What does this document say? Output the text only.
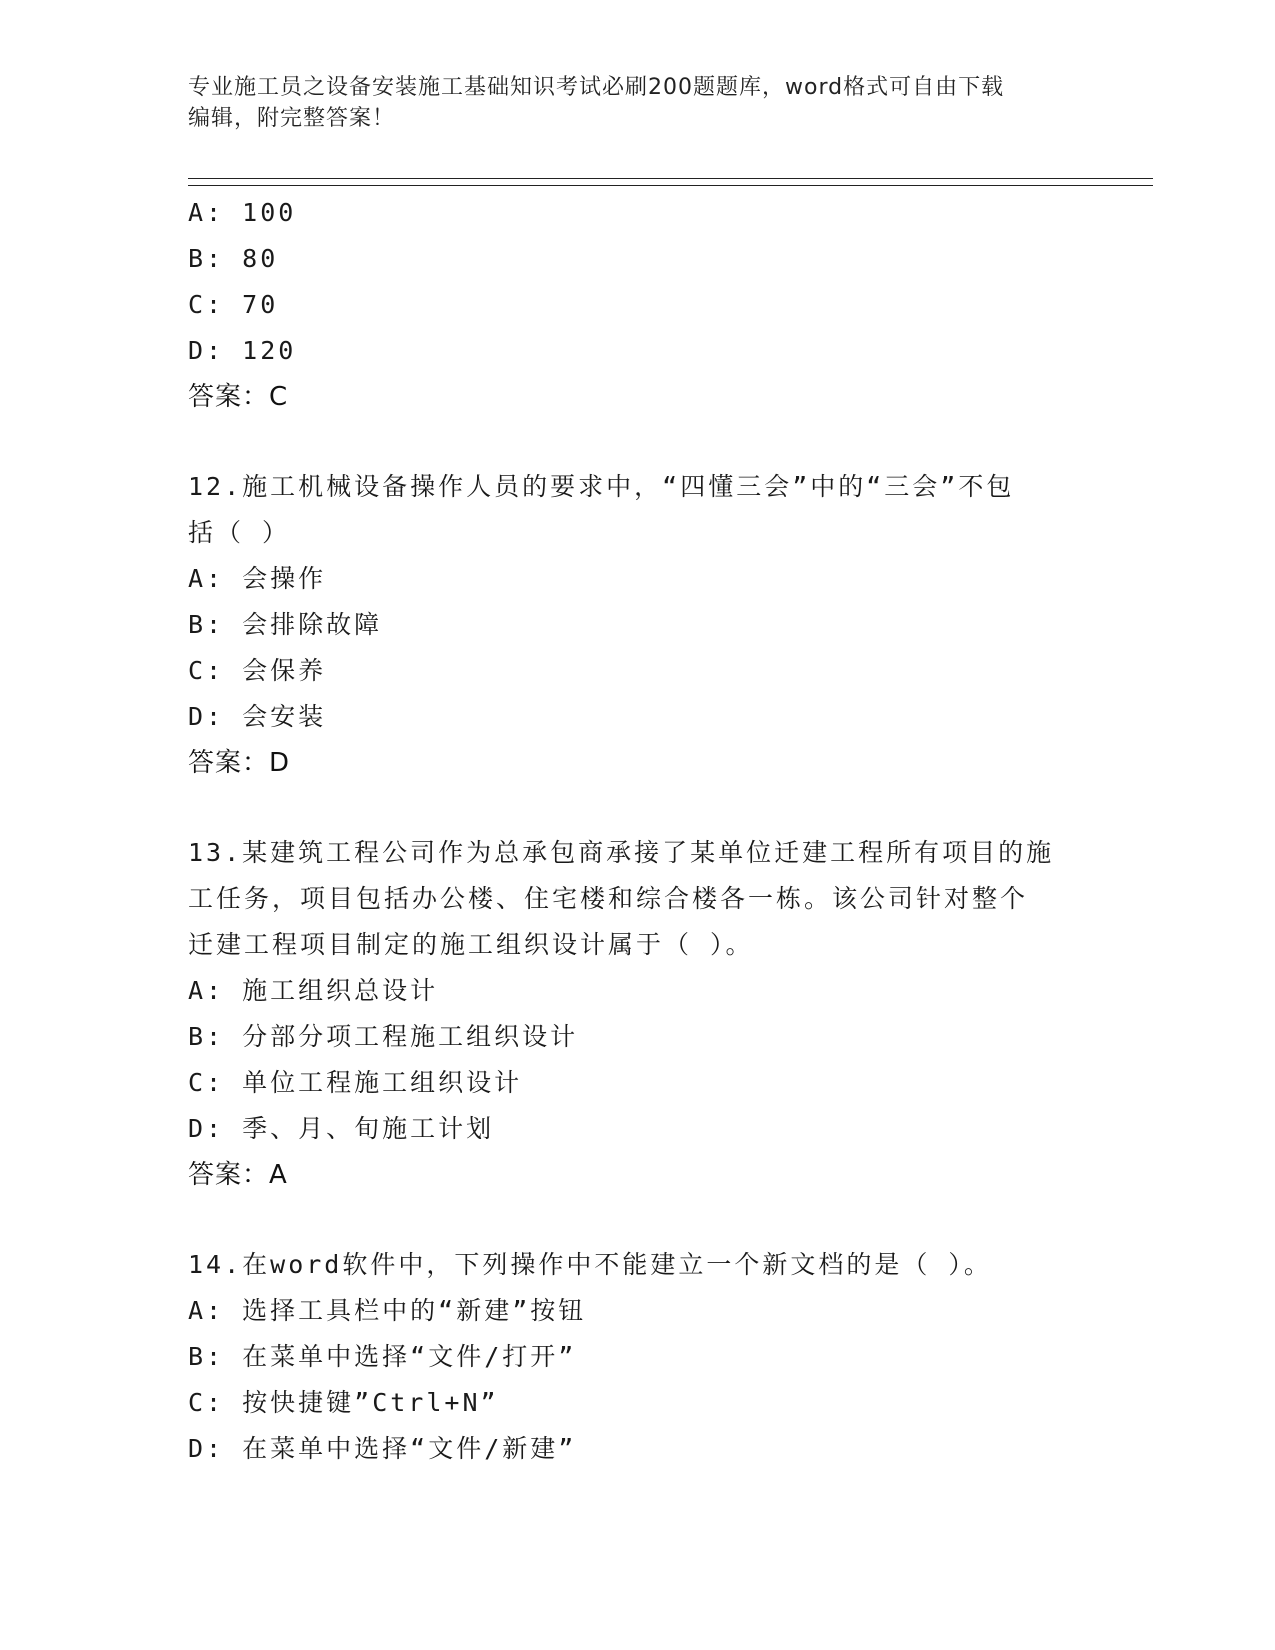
专业施工员之设备安装施工基础知识考试必刷200题题库，word格式可自由下载
编辑，附完整答案！
A: 100
B: 80
C: 70
D: 120
答案：C
12.施工机械设备操作人员的要求中，“四懂三会”中的“三会”不包
括（ ）
A: 会操作
B: 会排除故障
C: 会保养
D: 会安装
答案：D
13.某建筑工程公司作为总承包商承接了某单位迁建工程所有项目的施
工任务，项目包括办公楼、住宅楼和综合楼各一栋。该公司针对整个
迁建工程项目制定的施工组织设计属于（ ）。
A: 施工组织总设计
B: 分部分项工程施工组织设计
C: 单位工程施工组织设计
D: 季、月、旬施工计划
答案：A
14.在word软件中，下列操作中不能建立一个新文档的是（ ）。
A: 选择工具栏中的“新建”按钮
B: 在菜单中选择“文件/打开”
C: 按快捷键”Ctrl+N”
D: 在菜单中选择“文件/新建”
